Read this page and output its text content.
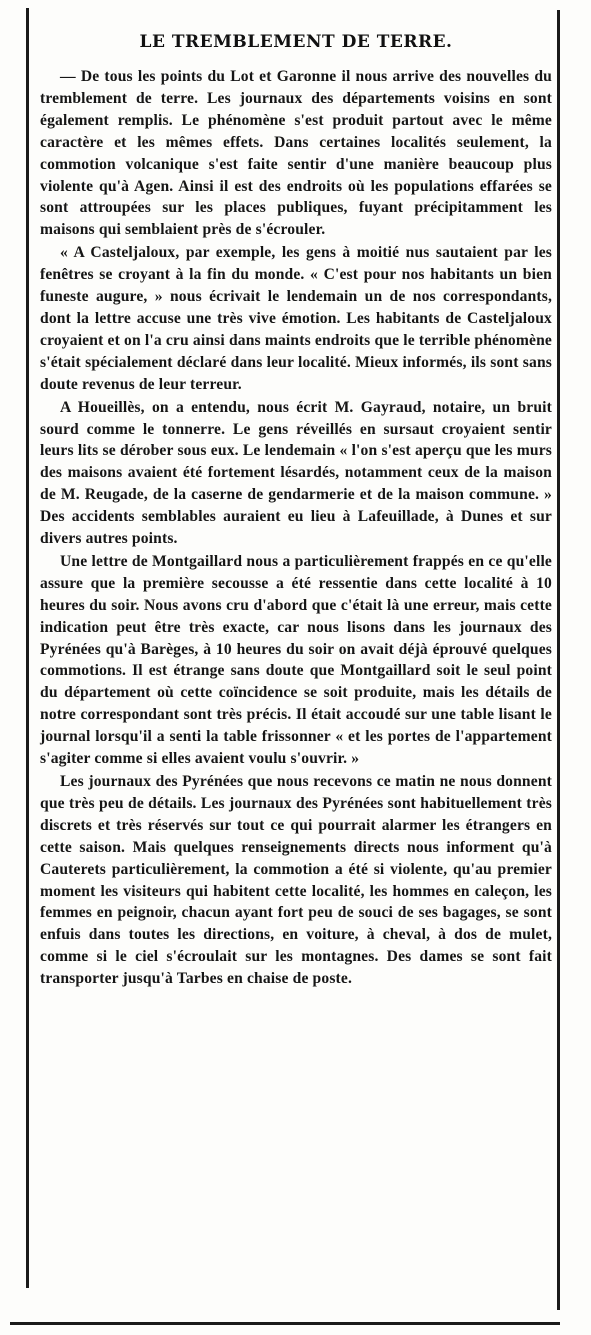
LE TREMBLEMENT DE TERRE.

— De tous les points du Lot et Garonne il nous arrive des nouvelles du tremblement de terre. Les journaux des départements voisins en sont également remplis. Le phénomène s'est produit partout avec le même caractère et les mêmes effets. Dans certaines localités seulement, la commotion volcanique s'est faite sentir d'une manière beaucoup plus violente qu'à Agen. Ainsi il est des endroits où les populations effarées se sont attroupées sur les places publiques, fuyant précipitamment les maisons qui semblaient près de s'écrouler.

« A Casteljaloux, par exemple, les gens à moitié nus sautaient par les fenêtres se croyant à la fin du monde. « C'est pour nos habitants un bien funeste augure, » nous écrivait le lendemain un de nos correspondants, dont la lettre accuse une très vive émotion. Les habitants de Casteljaloux croyaient et on l'a cru ainsi dans maints endroits que le terrible phénomène s'était spécialement déclaré dans leur localité. Mieux informés, ils sont sans doute revenus de leur terreur.

A Houeillès, on a entendu, nous écrit M. Gayraud, notaire, un bruit sourd comme le tonnerre. Le gens réveillés en sursaut croyaient sentir leurs lits se dérober sous eux. Le lendemain « l'on s'est aperçu que les murs des maisons avaient été fortement lésardés, notamment ceux de la maison de M. Reugade, de la caserne de gendarmerie et de la maison commune. » Des accidents semblables auraient eu lieu à Lafeuillade, à Dunes et sur divers autres points.

Une lettre de Montgaillard nous a particulièrement frappés en ce qu'elle assure que la première secousse a été ressentie dans cette localité à 10 heures du soir. Nous avons cru d'abord que c'était là une erreur, mais cette indication peut être très exacte, car nous lisons dans les journaux des Pyrénées qu'à Barèges, à 10 heures du soir on avait déjà éprouvé quelques commotions. Il est étrange sans doute que Montgaillard soit le seul point du département où cette coïncidence se soit produite, mais les détails de notre correspondant sont très précis. Il était accoudé sur une table lisant le journal lorsqu'il a senti la table frissonner « et les portes de l'appartement s'agiter comme si elles avaient voulu s'ouvrir. »

Les journaux des Pyrénées que nous recevons ce matin ne nous donnent que très peu de détails. Les journaux des Pyrénées sont habituellement très discrets et très réservés sur tout ce qui pourrait alarmer les étrangers en cette saison. Mais quelques renseignements directs nous informent qu'à Cauterets particulièrement, la commotion a été si violente, qu'au premier moment les visiteurs qui habitent cette localité, les hommes en caleçon, les femmes en peignoir, chacun ayant fort peu de souci de ses bagages, se sont enfuis dans toutes les directions, en voiture, à cheval, à dos de mulet, comme si le ciel s'écroulait sur les montagnes. Des dames se sont fait transporter jusqu'à Tarbes en chaise de poste.
